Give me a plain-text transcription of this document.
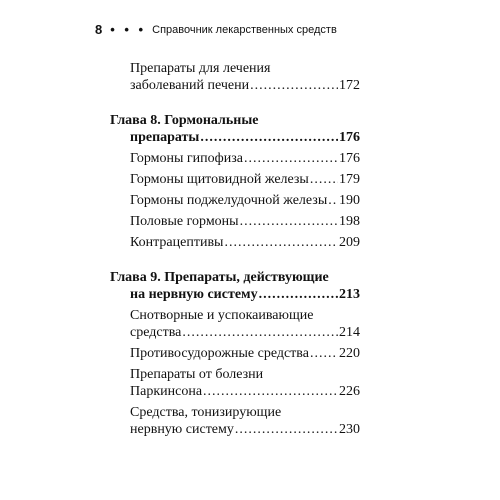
8 • • • Справочник лекарственных средств
Препараты для лечения
заболеваний печени .....	172
Глава 8. Гормональные
препараты .....	176
Гормоны гипофиза .....	176
Гормоны щитовидной железы ..... 179
Гормоны поджелудочной железы ..... 190
Половые гормоны .....	198
Контрацептивы .....	209
Глава 9. Препараты, действующие
на нервную систему .....	213
Снотворные и успокаивающие
средства .....	214
Противосудорожные средства ..... 220
Препараты от болезни
Паркинсона .....	226
Средства, тонизирующие
нервную систему .....	230
